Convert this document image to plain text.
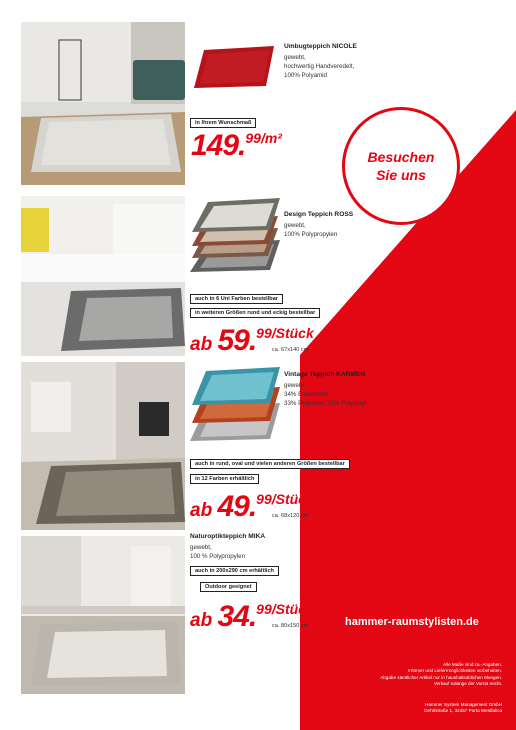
Umbugteppich NICOLE
gewebt,
hochwertig Handveredelt,
100% Polyamid
in Ihrem Wunschmaß
149.99/m²
Besuchen
Sie uns
Design Teppich ROSS
gewebt,
100% Polypropylen
auch in 6 Uni Farben bestellbar
in weiteren Größen rund und eckig bestellbar
ab 59.99/Stück
ca. 67x140 cm
Vintage Teppich KARMEN
gewebt,
34% Baumwolle,
33% Polyester, 33% Polyacryl
auch in rund, oval und vielen anderen Größen bestellbar
in 12 Farben erhältlich
ab 49.99/Stück
ca. 68x120 cm
Naturoptikteppich MIKA
gewebt,
100 % Polypropylen
auch in 200x290 cm erhältlich
Outdoor geeignet
ab 34.99/Stück
ca. 80x150 cm	hammer-raumstylisten.de
Alle Maße sind ca.-Angaben.
Irrtümer und Lieferrmöglichkeiten vorbehalten.
Abgabe sämtlicher Artikel nur in haushaltsüblichen Mengen.
Verkauf solange der Vorrat reicht.
Hammer System Management GmbH
Oehrlstraße 1, 32457 Porta Westfalica
